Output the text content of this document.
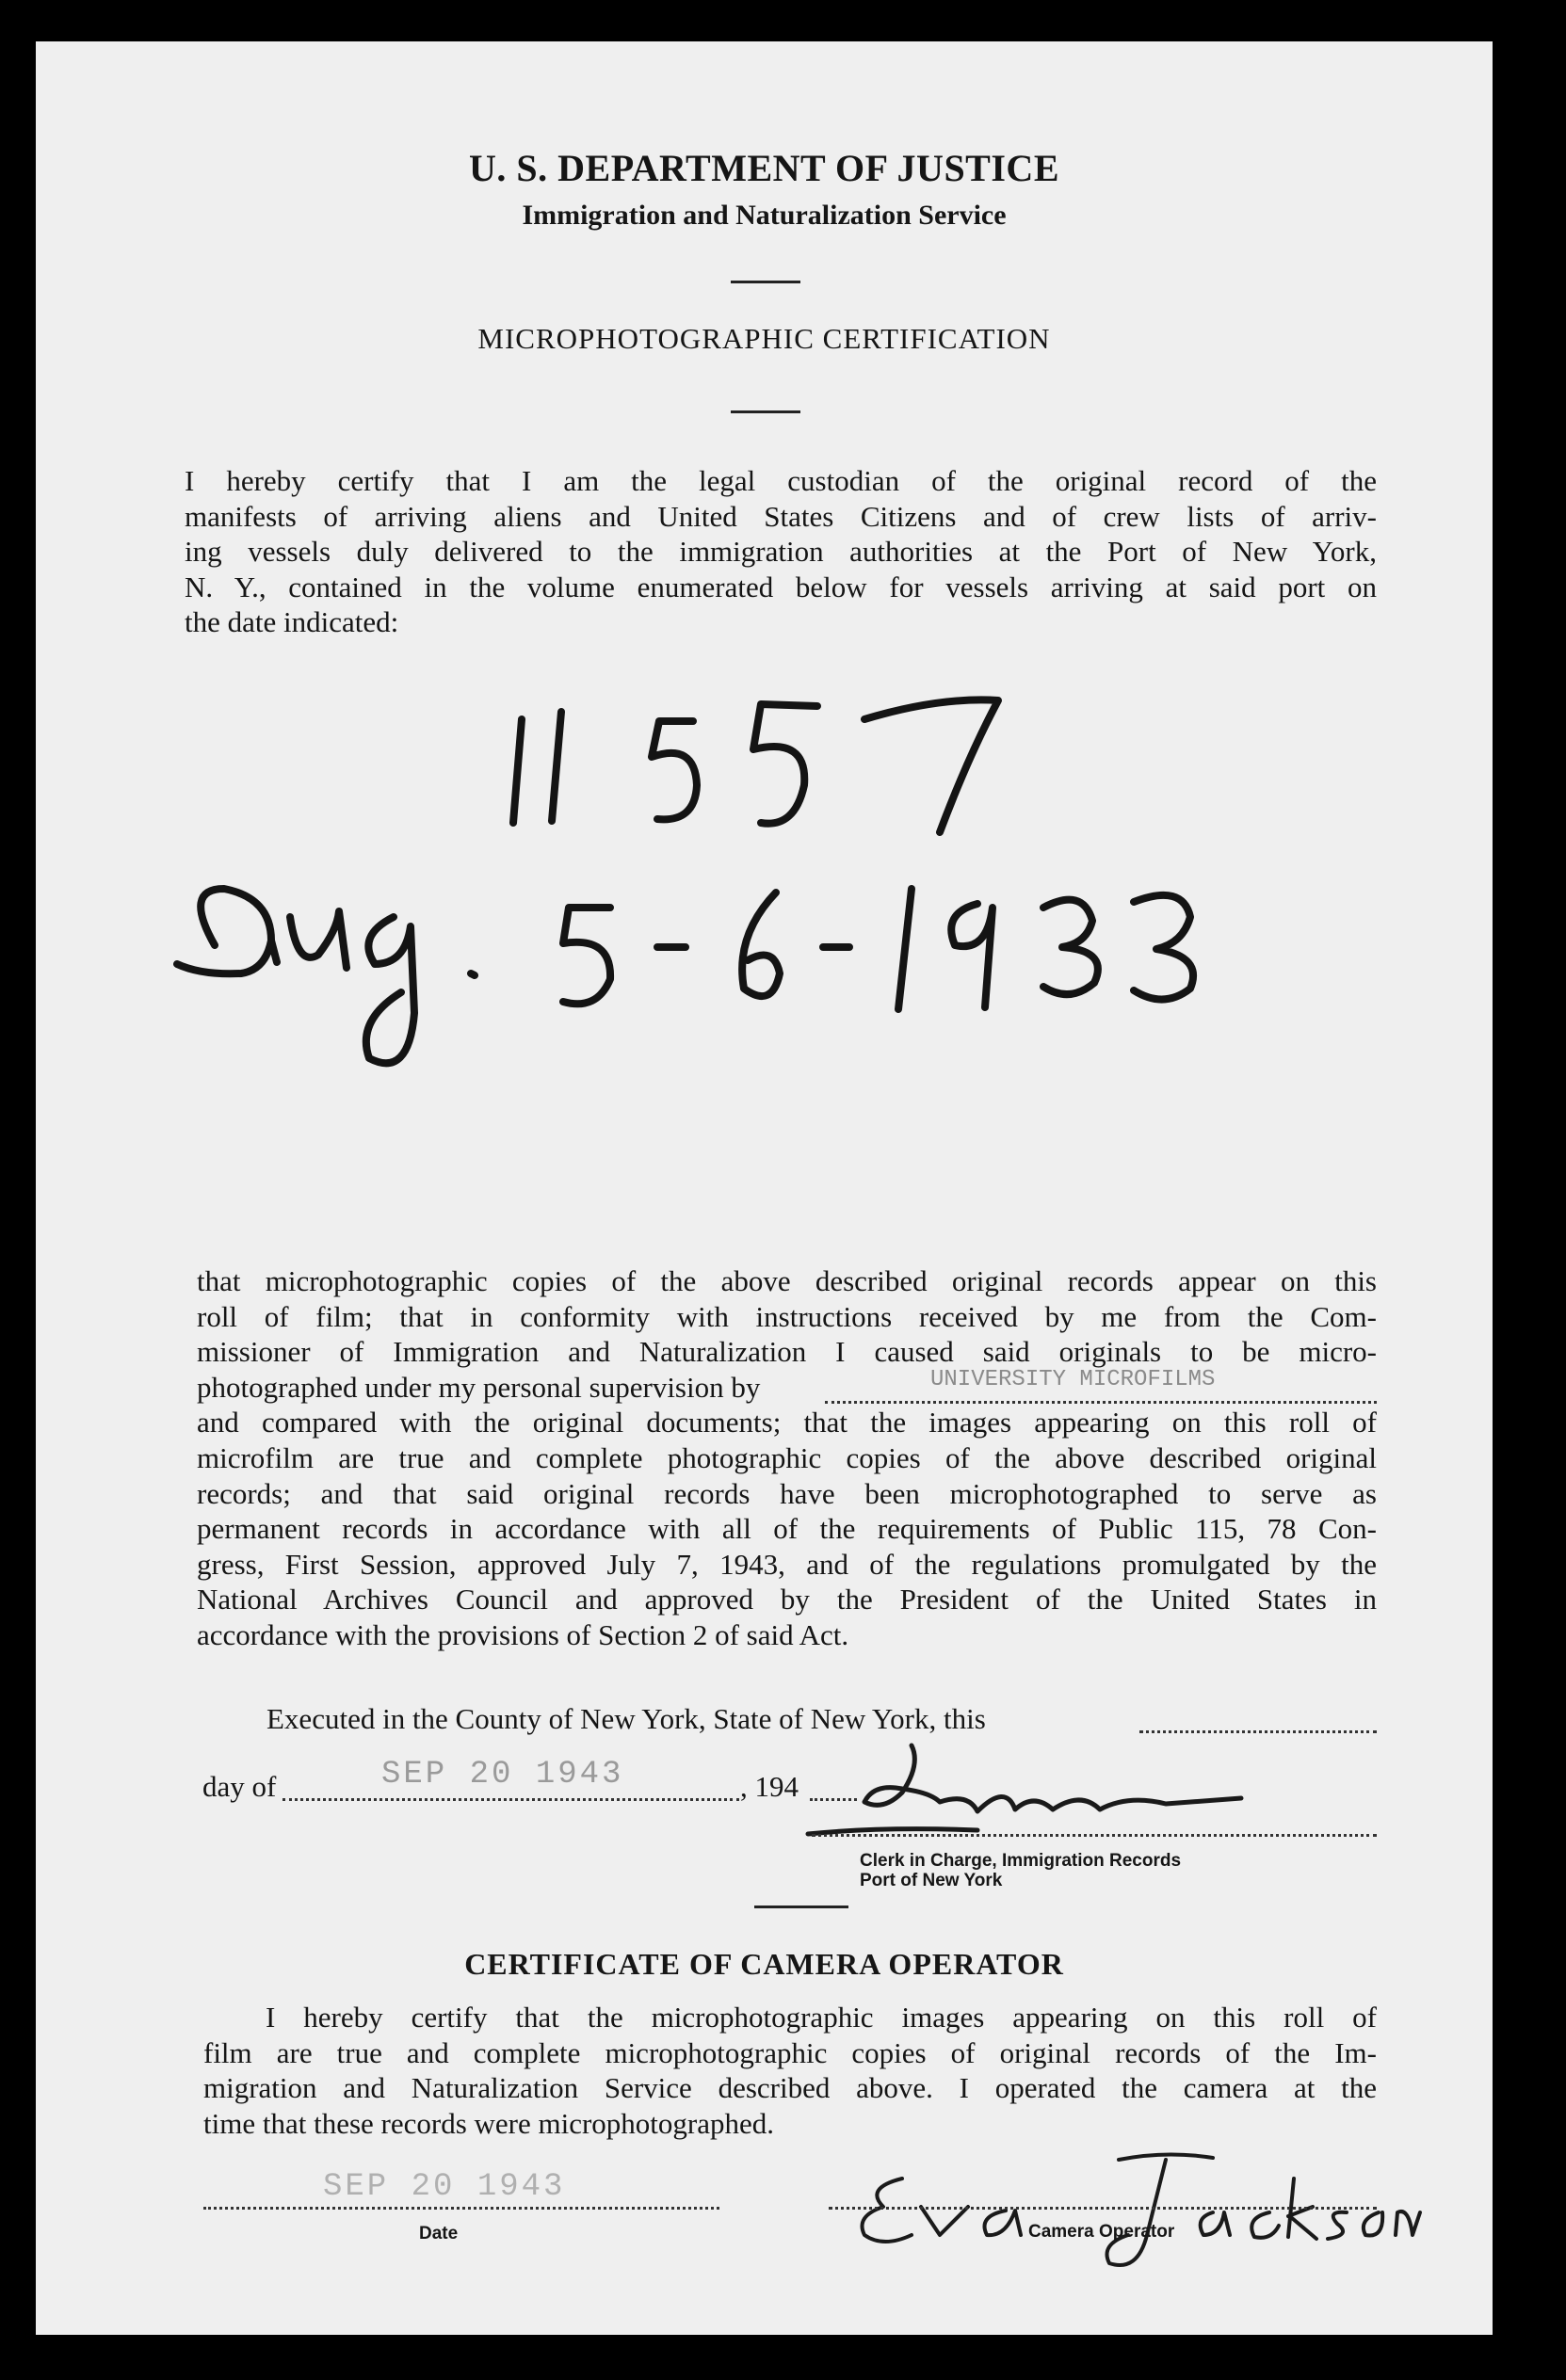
U. S. DEPARTMENT OF JUSTICE
Immigration and Naturalization Service
MICROPHOTOGRAPHIC CERTIFICATION

I hereby certify that I am the legal custodian of the original record of the

manifests of arriving aliens and United States Citizens and of crew lists of arriv-

ing vessels duly delivered to the immigration authorities at the Port of New York,

N. Y., contained in the volume enumerated below for vessels arriving at said port on

the date indicated:

that microphotographic copies of the above described original records appear on this

roll of film; that in conformity with instructions received by me from the Com-

missioner of Immigration and Naturalization I caused said originals to be micro-

photographed under my personal supervision by

and compared with the original documents; that the images appearing on this roll of

microfilm are true and complete photographic copies of the above described original

records; and that said original records have been microphotographed to serve as

permanent records in accordance with all of the requirements of Public 115, 78 Con-

gress, First Session, approved July 7, 1943, and of the regulations promulgated by the

National Archives Council and approved by the President of the United States in

accordance with the provisions of Section 2 of said Act.

UNIVERSITY MICROFILMS
Executed in the County of New York, State of New York, this
day of	SEP 20 1943	, 194
Clerk in Charge, Immigration Records
Port of New York
CERTIFICATE OF CAMERA OPERATOR

I hereby certify that the microphotographic images appearing on this roll of

film are true and complete microphotographic copies of original records of the Im-

migration and Naturalization Service described above. I operated the camera at the

time that these records were microphotographed.

SEP 20 1943
Date	Camera Operator
